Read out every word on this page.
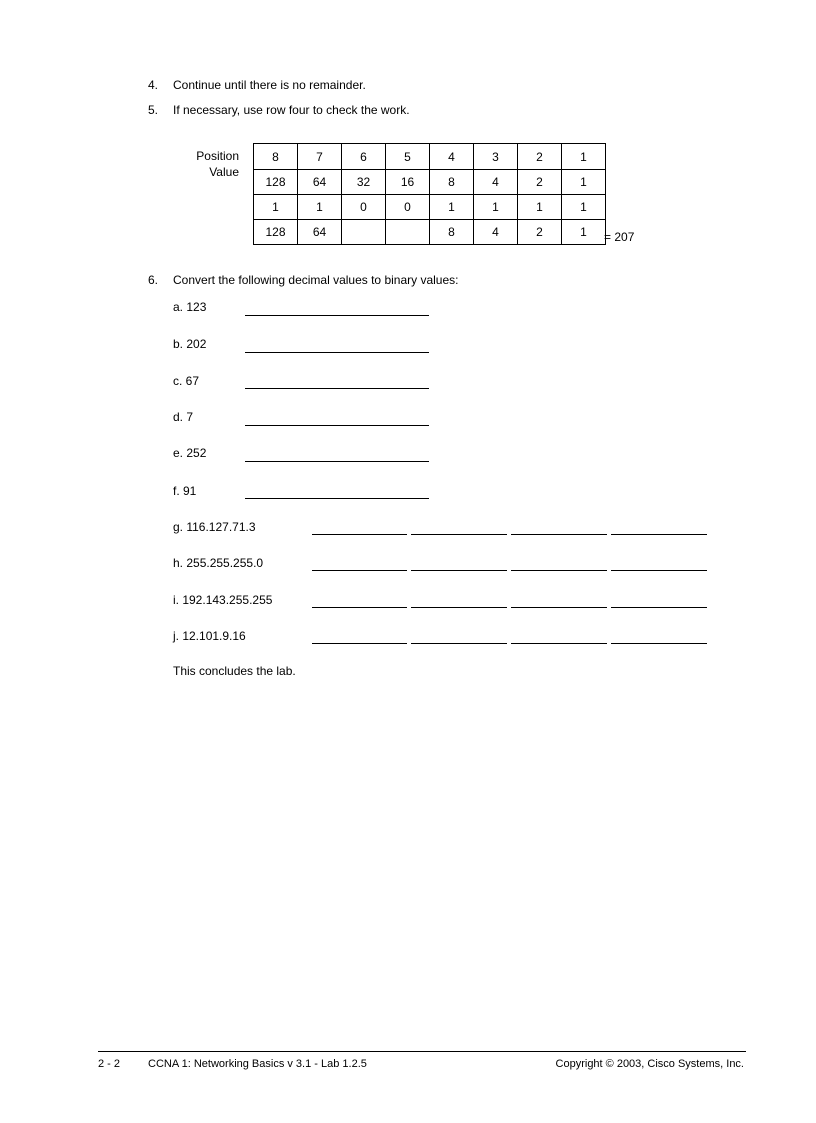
4. Continue until there is no remainder.
5. If necessary, use row four to check the work.
Position
Value
8	7	6	5	4	3	2	1
128	64	32	16	8	4	2	1
1	1	0	0	1	1	1	1
128	64			8	4	2	1 = 207
6. Convert the following decimal values to binary values:
a. 123
b. 202
c. 67
d. 7
e. 252
f. 91
g. 116.127.71.3
h. 255.255.255.0
i. 192.143.255.255
j. 12.101.9.16
This concludes the lab.
2 - 2	CCNA 1: Networking Basics v 3.1 - Lab 1.2.5	Copyright © 2003, Cisco Systems, Inc.
